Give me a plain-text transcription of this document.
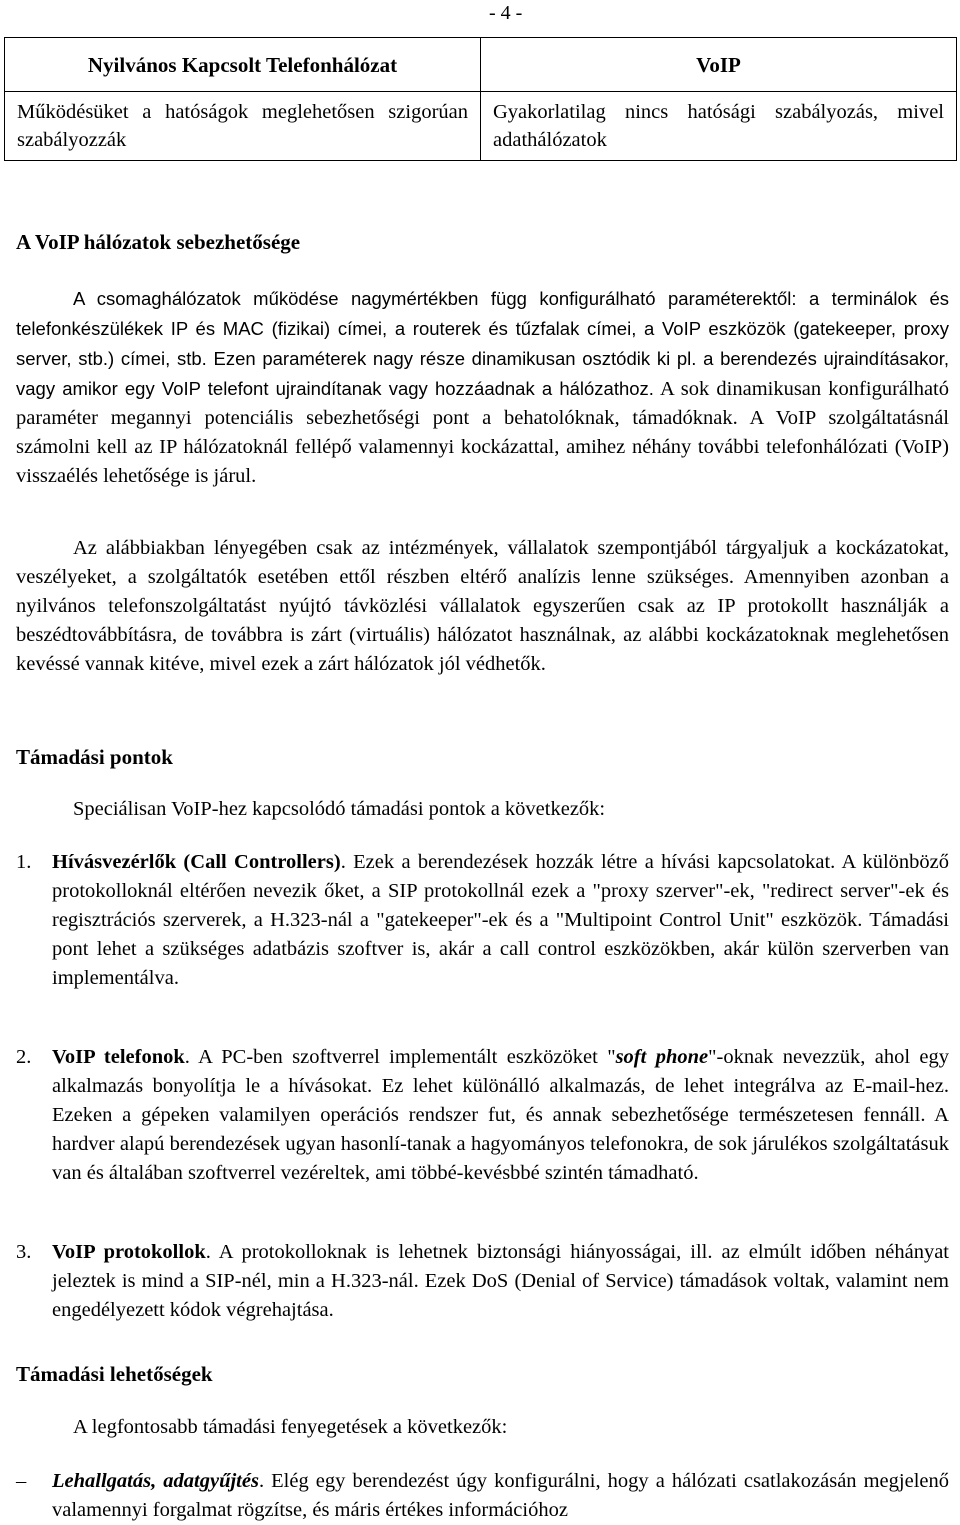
- 4 -
Nyilvános Kapcsolt Telefonhálózat	VoIP
Működésüket a hatóságok meglehetősen szigorúan szabályozzák	Gyakorlatilag nincs hatósági szabályozás, mivel adathálózatok
A VoIP hálózatok sebezhetősége

A csomaghálózatok működése nagymértékben függ konfigurálható paraméterektől: a terminálok és telefonkészülékek IP és MAC (fizikai) címei, a routerek és tűzfalak címei, a VoIP eszközök (gatekeeper, proxy server, stb.) címei, stb. Ezen paraméterek nagy része dinamikusan osztódik ki pl. a berendezés ujraindításakor, vagy amikor egy VoIP telefont ujraindítanak vagy hozzáadnak a hálózathoz. A sok dinamikusan konfigurálható paraméter megannyi potenciális sebezhetőségi pont a behatolóknak, támadóknak. A VoIP szolgáltatásnál számolni kell az IP hálózatoknál fellépő valamennyi kockázattal, amihez néhány további telefonhálózati (VoIP) visszaélés lehetősége is járul.

Az alábbiakban lényegében csak az intézmények, vállalatok szempontjából tárgyaljuk a kockázatokat, veszélyeket, a szolgáltatók esetében ettől részben eltérő analízis lenne szükséges. Amennyiben azonban a nyilvános telefonszolgáltatást nyújtó távközlési vállalatok egyszerűen csak az IP protokollt használják a beszédtovábbításra, de továbbra is zárt (virtuális) hálózatot használnak, az alábbi kockázatoknak meglehetősen kevéssé vannak kitéve, mivel ezek a zárt hálózatok jól védhetők.

Támadási pontok

Speciálisan VoIP-hez kapcsolódó támadási pontok a következők:

1. Hívásvezérlők (Call Controllers). Ezek a berendezések hozzák létre a hívási kapcsolatokat. A különböző protokolloknál eltérően nevezik őket, a SIP protokollnál ezek a "proxy szerver"-ek, "redirect server"-ek és regisztrációs szerverek, a H.323-nál a "gatekeeper"-ek és a "Multipoint Control Unit" eszközök. Támadási pont lehet a szükséges adatbázis szoftver is, akár a call control eszközökben, akár külön szerverben van implementálva.

2. VoIP telefonok. A PC-ben szoftverrel implementált eszközöket "soft phone"-oknak nevezzük, ahol egy alkalmazás bonyolítja le a hívásokat. Ez lehet különálló alkalmazás, de lehet integrálva az E-mail-hez. Ezeken a gépeken valamilyen operációs rendszer fut, és annak sebezhetősége természetesen fennáll. A hardver alapú berendezések ugyan hasonlí-tanak a hagyományos telefonokra, de sok járulékos szolgáltatásuk van és általában szoftverrel vezéreltek, ami többé-kevésbbé szintén támadható.

3. VoIP protokollok. A protokolloknak is lehetnek biztonsági hiányosságai, ill. az elmúlt időben néhányat jeleztek is mind a SIP-nél, min a H.323-nál. Ezek DoS (Denial of Service) támadások voltak, valamint nem engedélyezett kódok végrehajtása.

Támadási lehetőségek

A legfontosabb támadási fenyegetések a következők:

– Lehallgatás, adatgyűjtés. Elég egy berendezést úgy konfigurálni, hogy a hálózati csatlakozásán megjelenő valamennyi forgalmat rögzítse, és máris értékes információhoz
